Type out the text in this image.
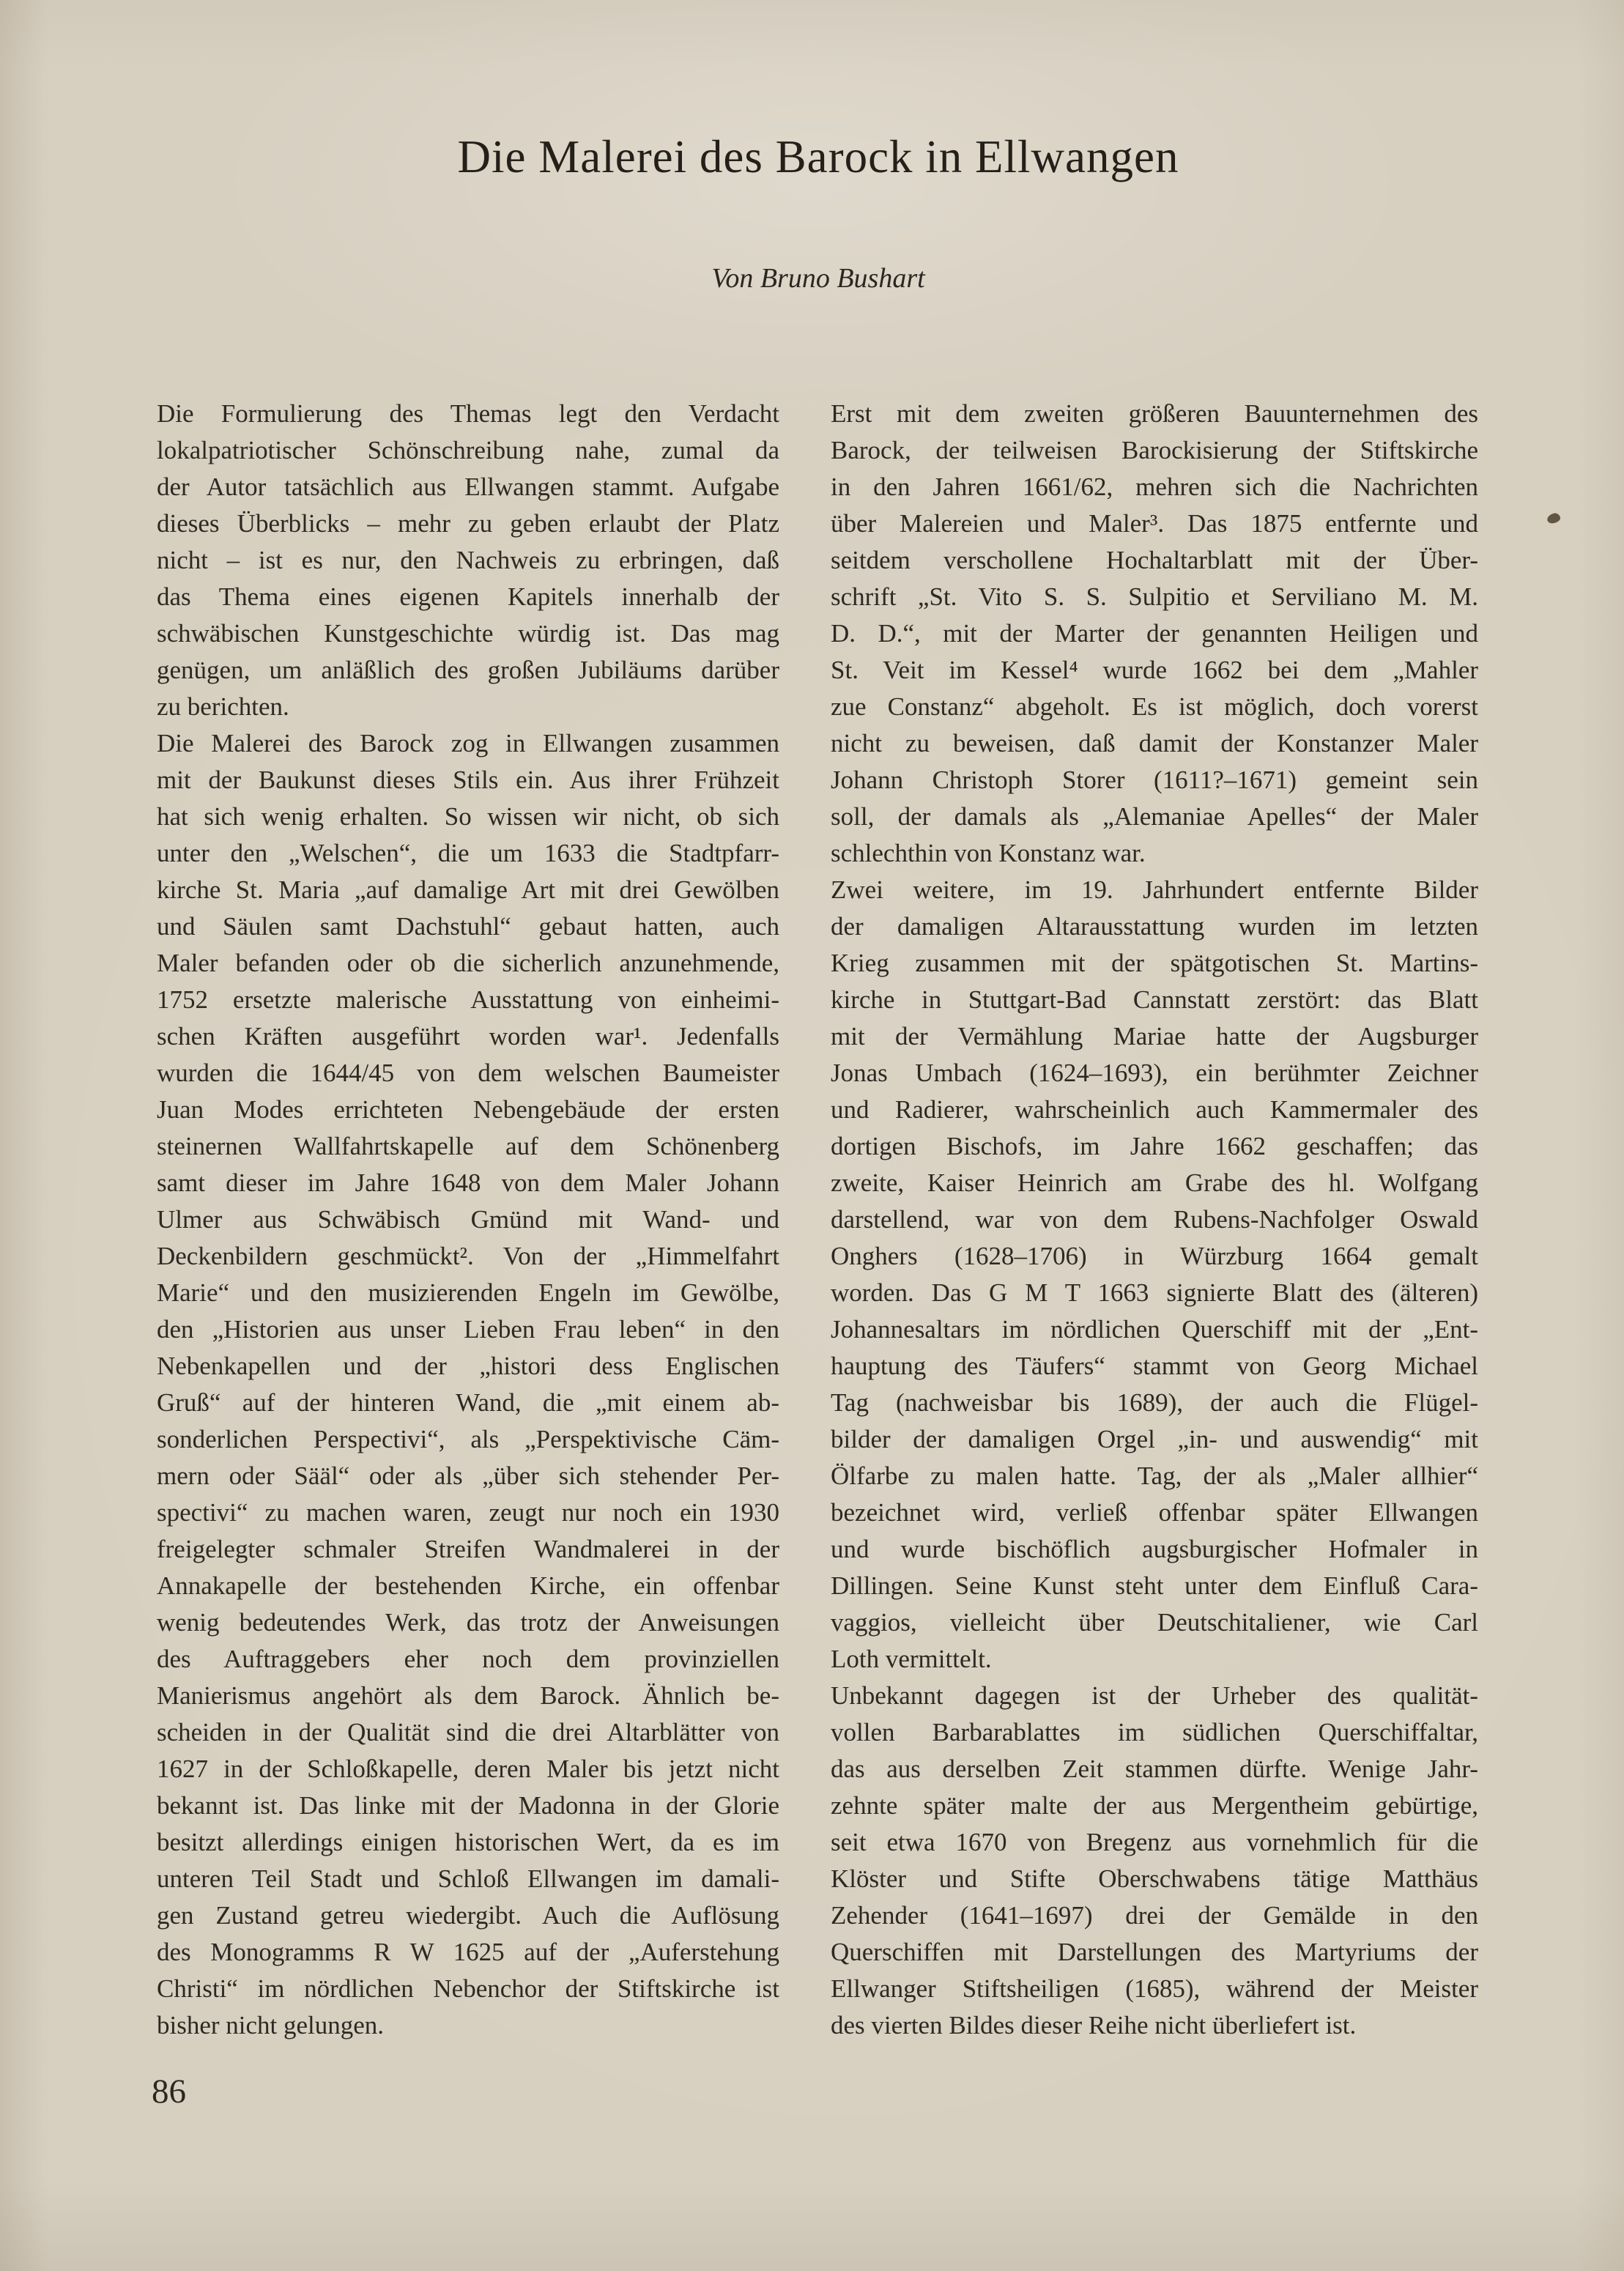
Die Malerei des Barock in Ellwangen
Von Bruno Bushart
Die Formulierung des Themas legt den Verdacht
lokalpatriotischer Schönschreibung nahe, zumal da
der Autor tatsächlich aus Ellwangen stammt. Aufgabe
dieses Überblicks – mehr zu geben erlaubt der Platz
nicht – ist es nur, den Nachweis zu erbringen, daß
das Thema eines eigenen Kapitels innerhalb der
schwäbischen Kunstgeschichte würdig ist. Das mag
genügen, um anläßlich des großen Jubiläums darüber
zu berichten.
Die Malerei des Barock zog in Ellwangen zusammen
mit der Baukunst dieses Stils ein. Aus ihrer Frühzeit
hat sich wenig erhalten. So wissen wir nicht, ob sich
unter den „Welschen“, die um 1633 die Stadtpfarr-
kirche St. Maria „auf damalige Art mit drei Gewölben
und Säulen samt Dachstuhl“ gebaut hatten, auch
Maler befanden oder ob die sicherlich anzunehmende,
1752 ersetzte malerische Ausstattung von einheimi-
schen Kräften ausgeführt worden war¹. Jedenfalls
wurden die 1644/45 von dem welschen Baumeister
Juan Modes errichteten Nebengebäude der ersten
steinernen Wallfahrtskapelle auf dem Schönenberg
samt dieser im Jahre 1648 von dem Maler Johann
Ulmer aus Schwäbisch Gmünd mit Wand- und
Deckenbildern geschmückt². Von der „Himmelfahrt
Marie“ und den musizierenden Engeln im Gewölbe,
den „Historien aus unser Lieben Frau leben“ in den
Nebenkapellen und der „histori dess Englischen
Gruß“ auf der hinteren Wand, die „mit einem ab-
sonderlichen Perspectivi“, als „Perspektivische Cäm-
mern oder Sääl“ oder als „über sich stehender Per-
spectivi“ zu machen waren, zeugt nur noch ein 1930
freigelegter schmaler Streifen Wandmalerei in der
Annakapelle der bestehenden Kirche, ein offenbar
wenig bedeutendes Werk, das trotz der Anweisungen
des Auftraggebers eher noch dem provinziellen
Manierismus angehört als dem Barock. Ähnlich be-
scheiden in der Qualität sind die drei Altarblätter von
1627 in der Schloßkapelle, deren Maler bis jetzt nicht
bekannt ist. Das linke mit der Madonna in der Glorie
besitzt allerdings einigen historischen Wert, da es im
unteren Teil Stadt und Schloß Ellwangen im damali-
gen Zustand getreu wiedergibt. Auch die Auflösung
des Monogramms R W 1625 auf der „Auferstehung
Christi“ im nördlichen Nebenchor der Stiftskirche ist
bisher nicht gelungen.
Erst mit dem zweiten größeren Bauunternehmen des
Barock, der teilweisen Barockisierung der Stiftskirche
in den Jahren 1661/62, mehren sich die Nachrichten
über Malereien und Maler³. Das 1875 entfernte und
seitdem verschollene Hochaltarblatt mit der Über-
schrift „St. Vito S. S. Sulpitio et Serviliano M. M.
D. D.“, mit der Marter der genannten Heiligen und
St. Veit im Kessel⁴ wurde 1662 bei dem „Mahler
zue Constanz“ abgeholt. Es ist möglich, doch vorerst
nicht zu beweisen, daß damit der Konstanzer Maler
Johann Christoph Storer (1611?–1671) gemeint sein
soll, der damals als „Alemaniae Apelles“ der Maler
schlechthin von Konstanz war.
Zwei weitere, im 19. Jahrhundert entfernte Bilder
der damaligen Altarausstattung wurden im letzten
Krieg zusammen mit der spätgotischen St. Martins-
kirche in Stuttgart-Bad Cannstatt zerstört: das Blatt
mit der Vermählung Mariae hatte der Augsburger
Jonas Umbach (1624–1693), ein berühmter Zeichner
und Radierer, wahrscheinlich auch Kammermaler des
dortigen Bischofs, im Jahre 1662 geschaffen; das
zweite, Kaiser Heinrich am Grabe des hl. Wolfgang
darstellend, war von dem Rubens-Nachfolger Oswald
Onghers (1628–1706) in Würzburg 1664 gemalt
worden. Das G M T 1663 signierte Blatt des (älteren)
Johannesaltars im nördlichen Querschiff mit der „Ent-
hauptung des Täufers“ stammt von Georg Michael
Tag (nachweisbar bis 1689), der auch die Flügel-
bilder der damaligen Orgel „in- und auswendig“ mit
Ölfarbe zu malen hatte. Tag, der als „Maler allhier“
bezeichnet wird, verließ offenbar später Ellwangen
und wurde bischöflich augsburgischer Hofmaler in
Dillingen. Seine Kunst steht unter dem Einfluß Cara-
vaggios, vielleicht über Deutschitaliener, wie Carl
Loth vermittelt.
Unbekannt dagegen ist der Urheber des qualität-
vollen Barbarablattes im südlichen Querschiffaltar,
das aus derselben Zeit stammen dürfte. Wenige Jahr-
zehnte später malte der aus Mergentheim gebürtige,
seit etwa 1670 von Bregenz aus vornehmlich für die
Klöster und Stifte Oberschwabens tätige Matthäus
Zehender (1641–1697) drei der Gemälde in den
Querschiffen mit Darstellungen des Martyriums der
Ellwanger Stiftsheiligen (1685), während der Meister
des vierten Bildes dieser Reihe nicht überliefert ist.
86
